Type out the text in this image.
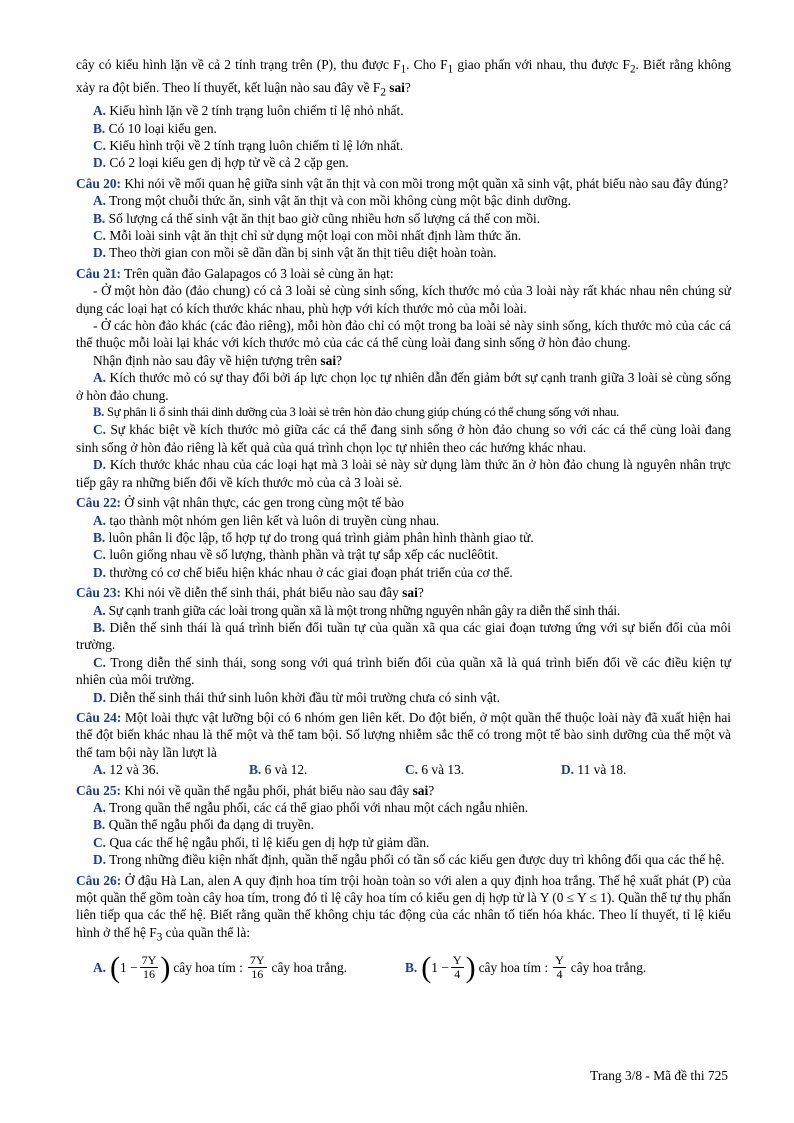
cây có kiểu hình lặn về cả 2 tính trạng trên (P), thu được $F_1$. Cho $F_1$ giao phấn với nhau, thu được $F_2$. Biết rằng không xảy ra đột biến. Theo lí thuyết, kết luận nào sau đây về $F_2$ sai?

A. Kiểu hình lặn về 2 tính trạng luôn chiếm tỉ lệ nhỏ nhất.

B. Có 10 loại kiểu gen.

C. Kiểu hình trội về 2 tính trạng luôn chiếm tỉ lệ lớn nhất.

D. Có 2 loại kiểu gen dị hợp tử về cả 2 cặp gen.

Câu 20: Khi nói về mối quan hệ giữa sinh vật ăn thịt và con mồi trong một quần xã sinh vật, phát biểu nào sau đây đúng?

A. Trong một chuỗi thức ăn, sinh vật ăn thịt và con mồi không cùng một bậc dinh dưỡng.

B. Số lượng cá thể sinh vật ăn thịt bao giờ cũng nhiều hơn số lượng cá thể con mồi.

C. Mỗi loài sinh vật ăn thịt chỉ sử dụng một loại con mồi nhất định làm thức ăn.

D. Theo thời gian con mồi sẽ dần dần bị sinh vật ăn thịt tiêu diệt hoàn toàn.

Câu 21: Trên quần đảo Galapagos có 3 loài sẻ cùng ăn hạt:

- Ở một hòn đảo (đảo chung) có cả 3 loài sẻ cùng sinh sống, kích thước mỏ của 3 loài này rất khác nhau nên chúng sử dụng các loại hạt có kích thước khác nhau, phù hợp với kích thước mỏ của mỗi loài.

- Ở các hòn đảo khác (các đảo riêng), mỗi hòn đảo chỉ có một trong ba loài sẻ này sinh sống, kích thước mỏ của các cá thể thuộc mỗi loài lại khác với kích thước mỏ của các cá thể cùng loài đang sinh sống ở hòn đảo chung.

Nhận định nào sau đây về hiện tượng trên sai?

A. Kích thước mỏ có sự thay đổi bởi áp lực chọn lọc tự nhiên dẫn đến giảm bớt sự cạnh tranh giữa 3 loài sẻ cùng sống ở hòn đảo chung.

B. Sự phân li ổ sinh thái dinh dưỡng của 3 loài sẻ trên hòn đảo chung giúp chúng có thể chung sống với nhau.

C. Sự khác biệt về kích thước mỏ giữa các cá thể đang sinh sống ở hòn đảo chung so với các cá thể cùng loài đang sinh sống ở hòn đảo riêng là kết quả của quá trình chọn lọc tự nhiên theo các hướng khác nhau.

D. Kích thước khác nhau của các loại hạt mà 3 loài sẻ này sử dụng làm thức ăn ở hòn đảo chung là nguyên nhân trực tiếp gây ra những biến đổi về kích thước mỏ của cả 3 loài sẻ.

Câu 22: Ở sinh vật nhân thực, các gen trong cùng một tế bào

A. tạo thành một nhóm gen liên kết và luôn di truyền cùng nhau.

B. luôn phân li độc lập, tổ hợp tự do trong quá trình giảm phân hình thành giao tử.

C. luôn giống nhau về số lượng, thành phần và trật tự sắp xếp các nuclêôtit.

D. thường có cơ chế biểu hiện khác nhau ở các giai đoạn phát triển của cơ thể.

Câu 23: Khi nói về diễn thế sinh thái, phát biểu nào sau đây sai?

A. Sự cạnh tranh giữa các loài trong quần xã là một trong những nguyên nhân gây ra diễn thế sinh thái.

B. Diễn thế sinh thái là quá trình biến đổi tuần tự của quần xã qua các giai đoạn tương ứng với sự biến đổi của môi trường.

C. Trong diễn thế sinh thái, song song với quá trình biến đổi của quần xã là quá trình biến đổi về các điều kiện tự nhiên của môi trường.

D. Diễn thế sinh thái thứ sinh luôn khởi đầu từ môi trường chưa có sinh vật.

Câu 24: Một loài thực vật lưỡng bội có 6 nhóm gen liên kết. Do đột biến, ở một quần thể thuộc loài này đã xuất hiện hai thể đột biến khác nhau là thể một và thể tam bội. Số lượng nhiễm sắc thể có trong một tế bào sinh dưỡng của thể một và thể tam bội này lần lượt là

A. 12 và 36.	B. 6 và 12.	C. 6 và 13.	D. 11 và 18.

Câu 25: Khi nói về quần thể ngẫu phối, phát biểu nào sau đây sai?

A. Trong quần thể ngẫu phối, các cá thể giao phối với nhau một cách ngẫu nhiên.

B. Quần thể ngẫu phối đa dạng di truyền.

C. Qua các thế hệ ngẫu phối, tỉ lệ kiểu gen dị hợp tử giảm dần.

D. Trong những điều kiện nhất định, quần thể ngẫu phối có tần số các kiểu gen được duy trì không đổi qua các thế hệ.

Câu 26: Ở đậu Hà Lan, alen A quy định hoa tím trội hoàn toàn so với alen a quy định hoa trắng. Thế hệ xuất phát (P) của một quần thể gồm toàn cây hoa tím, trong đó tỉ lệ cây hoa tím có kiểu gen dị hợp tử là Y (0 ≤ Y ≤ 1). Quần thể tự thụ phấn liên tiếp qua các thế hệ. Biết rằng quần thể không chịu tác động của các nhân tố tiến hóa khác. Theo lí thuyết, tỉ lệ kiểu hình ở thế hệ $F_3$ của quần thể là:

A. ( $1 - \frac{7Y}{16}$ ) cây hoa tím : $\frac{7Y}{16}$ cây hoa trắng.	B. ( $1 - \frac{Y}{4}$ ) cây hoa tím : $\frac{Y}{4}$ cây hoa trắng.
Trang 3/8 - Mã đề thi 725
